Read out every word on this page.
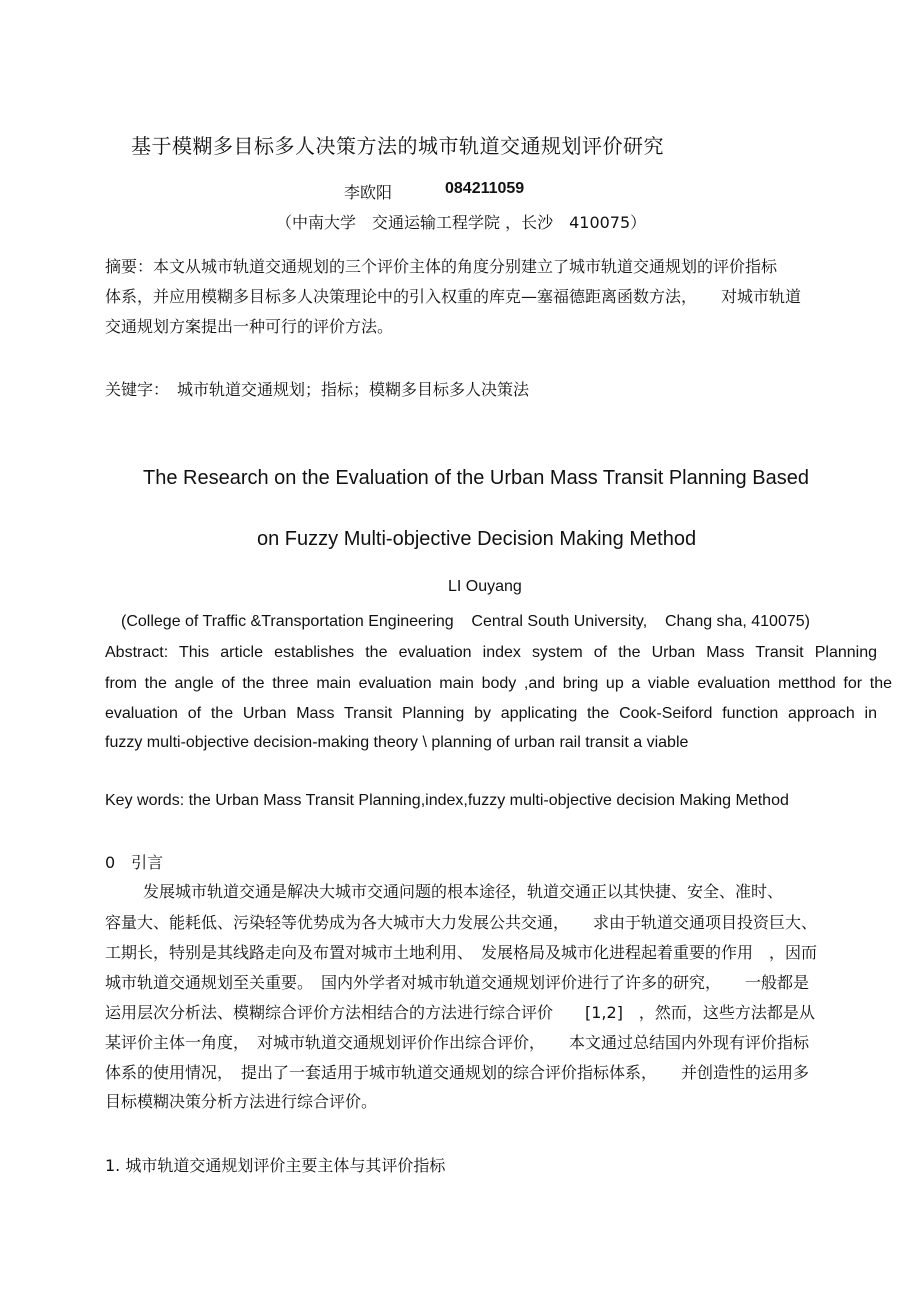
基于模糊多目标多人决策方法的城市轨道交通规划评价研究
李欧阳	084211059
（中南大学　交通运输工程学院 ，长沙　410075）
摘要：本文从城市轨道交通规划的三个评价主体的角度分别建立了城市轨道交通规划的评价指标
体系，并应用模糊多目标多人决策理论中的引入权重的库克—塞福德距离函数方法，　　对城市轨道
交通规划方案提出一种可行的评价方法。
关键字：　城市轨道交通规划；指标；模糊多目标多人决策法
The Research on the Evaluation of the Urban Mass Transit Planning Based
on Fuzzy Multi-objective Decision Making Method
LI Ouyang
(College of Traffic &Transportation Engineering    Central South University,    Chang sha, 410075)
Abstract: This article establishes the evaluation index system of the Urban Mass Transit Planning
from the angle of the three main evaluation main body ,and bring up a viable evaluation metthod for the
evaluation of the Urban Mass Transit Planning by applicating the Cook-Seiford function approach in
fuzzy multi-objective decision-making theory \ planning of urban rail transit a viable
Key words: the Urban Mass Transit Planning,index,fuzzy multi-objective decision Making Method
0　引言
发展城市轨道交通是解决大城市交通问题的根本途径，轨道交通正以其快捷、安全、准时、
容量大、能耗低、污染轻等优势成为各大城市大力发展公共交通，　　求由于轨道交通项目投资巨大、
工期长，特别是其线路走向及布置对城市土地利用、　发展格局及城市化进程起着重要的作用　，因而
城市轨道交通规划至关重要。　国内外学者对城市轨道交通规划评价进行了许多的研究，　　一般都是
运用层次分析法、模糊综合评价方法相结合的方法进行综合评价　　[1,2]　，然而，这些方法都是从
某评价主体一角度，　对城市轨道交通规划评价作出综合评价，　　本文通过总结国内外现有评价指标
体系的使用情况，　提出了一套适用于城市轨道交通规划的综合评价指标体系，　　并创造性的运用多
目标模糊决策分析方法进行综合评价。
1. 城市轨道交通规划评价主要主体与其评价指标
